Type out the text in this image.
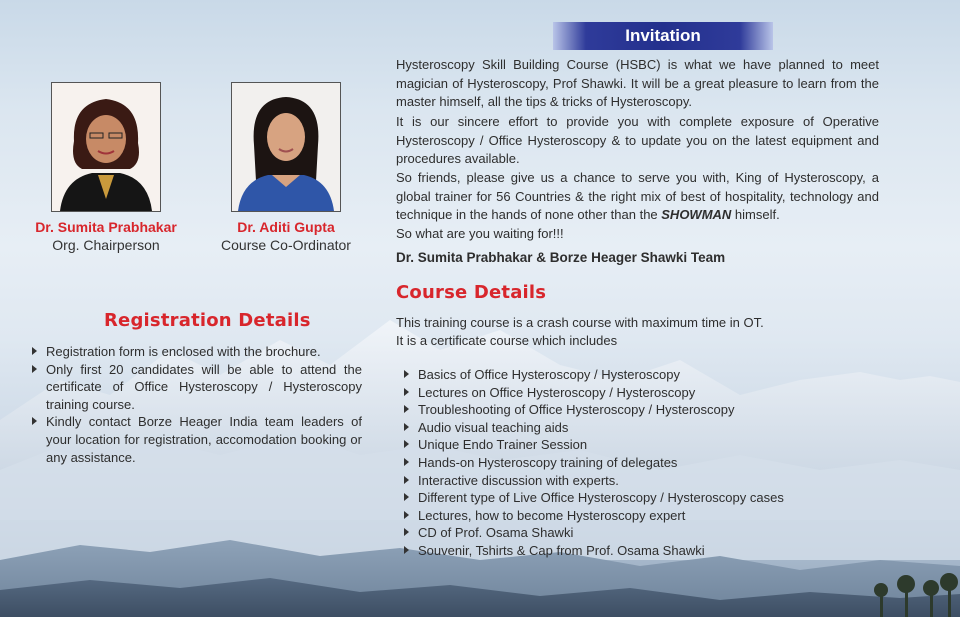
Dr. Sumita Prabhakar
Org. Chairperson
Dr. Aditi Gupta
Course Co-Ordinator
Registration Details
Registration form is enclosed with the brochure.
Only first 20 candidates will be able to attend the certificate of Office Hysteroscopy / Hysteroscopy training course.
Kindly contact Borze Heager India team leaders of your location for registration, accomodation booking or any assistance.
Invitation

Hysteroscopy Skill Building Course (HSBC) is what we have planned to meet magician of Hysteroscopy, Prof Shawki. It will be a great pleasure to learn from the master himself, all the tips & tricks of Hysteroscopy.

It is our sincere effort to provide you with complete exposure of Operative Hysteroscopy / Office Hysteroscopy & to update you on the latest equipment and procedures available.

So friends, please give us a chance to serve you with, King of Hysteroscopy, a global trainer for 56 Countries & the right mix of best of hospitality, technology and technique in the hands of none other than the SHOWMAN himself.

So what are you waiting for!!!

Dr. Sumita Prabhakar & Borze Heager Shawki Team
Course Details
This training course is a crash course with maximum time in OT.
It is a certificate course which includes
Basics of Office Hysteroscopy / Hysteroscopy
Lectures on Office Hysteroscopy / Hysteroscopy
Troubleshooting of Office Hysteroscopy / Hysteroscopy
Audio visual teaching aids
Unique Endo Trainer Session
Hands-on Hysteroscopy training of delegates
Interactive discussion with experts.
Different type of Live Office Hysteroscopy / Hysteroscopy cases
Lectures, how to become Hysteroscopy expert
CD of Prof. Osama Shawki
Souvenir, Tshirts & Cap from Prof. Osama Shawki
